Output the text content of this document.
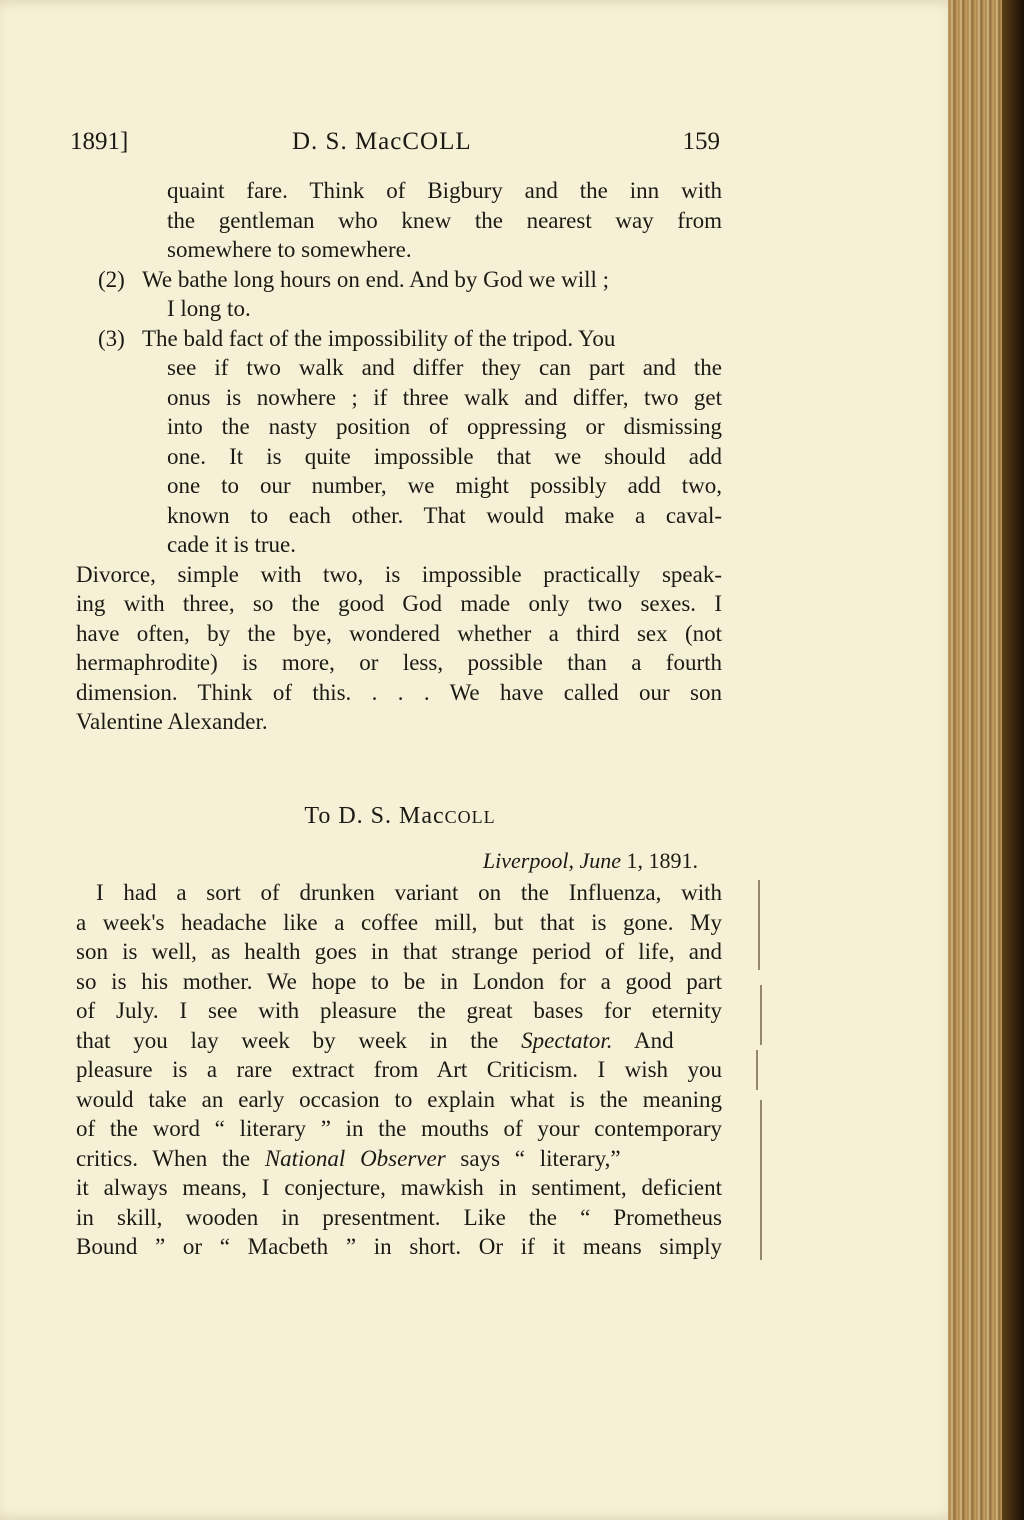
1891]	D. S. MacCOLL	159
quaint fare. Think of Bigbury and the inn with
the gentleman who knew the nearest way from
somewhere to somewhere.
(2) We bathe long hours on end. And by God we will ;
I long to.
(3) The bald fact of the impossibility of the tripod. You
see if two walk and differ they can part and the
onus is nowhere ; if three walk and differ, two get
into the nasty position of oppressing or dismissing
one. It is quite impossible that we should add
one to our number, we might possibly add two,
known to each other. That would make a caval-
cade it is true.
Divorce, simple with two, is impossible practically speak-
ing with three, so the good God made only two sexes. I
have often, by the bye, wondered whether a third sex (not
hermaphrodite) is more, or less, possible than a fourth
dimension. Think of this. . . . We have called our son
Valentine Alexander.
To D. S. MacCOLL
Liverpool, June 1, 1891.
I had a sort of drunken variant on the Influenza, with
a week's headache like a coffee mill, but that is gone. My
son is well, as health goes in that strange period of life, and
so is his mother. We hope to be in London for a good part
of July. I see with pleasure the great bases for eternity
that you lay week by week in the Spectator. And
pleasure is a rare extract from Art Criticism. I wish you
would take an early occasion to explain what is the meaning
of the word “ literary ” in the mouths of your contemporary
critics. When the National Observer says “ literary,”
it always means, I conjecture, mawkish in sentiment, deficient
in skill, wooden in presentment. Like the “ Prometheus
Bound ” or “ Macbeth ” in short. Or if it means simply
